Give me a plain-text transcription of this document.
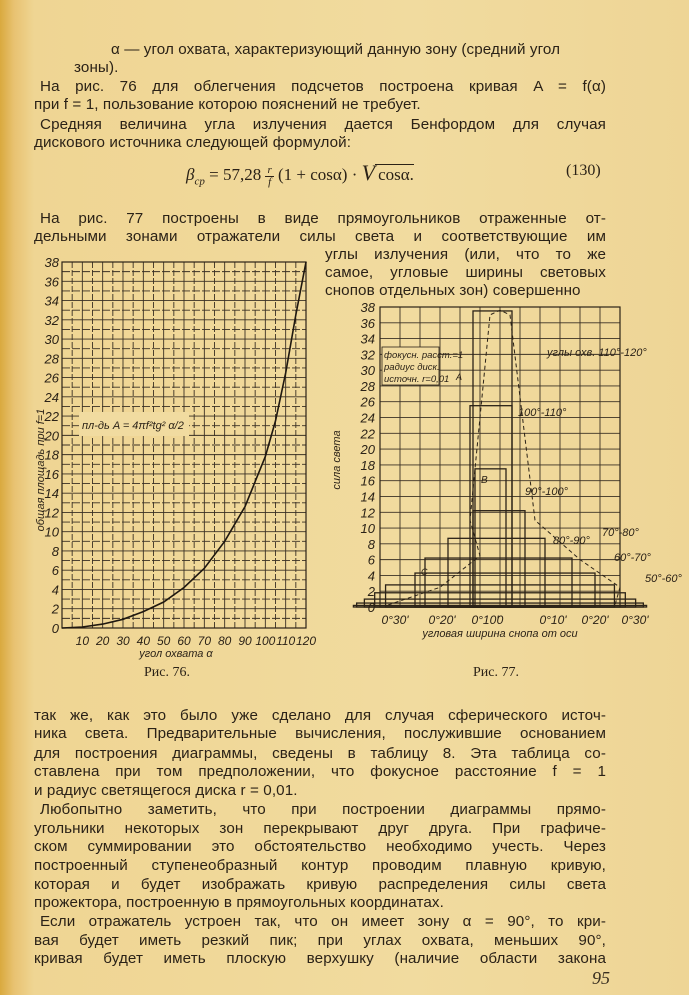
α — угол охвата, характеризующий данную зону (средний угол
зоны).
На рис. 76 для облегчения подсчетов построена кривая A = f(α)
при f = 1, пользование которою пояснений не требует.
Средняя величина угла излучения дается Бенфордом для случая
дискового источника следующей формулой:
$\beta_{ср} = 57,28 \frac{r}{f} (1 + \cos\alpha) \cdot V$ cosα.	(130)
На рис. 77 построены в виде прямоугольников отраженные от-
дельными зонами отражатели силы света и соответствующие им
углы излучения (или, что то же
самое, угловые ширины световых
снопов отдельных зон) совершенно
0
2
4
6
8
10
12
14
16
18
20
22
24
26
28
30
32
34
36
38
10 20 30 40 50 60 70 80 90 100 110 120
угол охвата α
общая площадь при f=1	пл-дь A = 4πf²tg² α/2
Рис. 76.
0
2
4
6
8
10
12
14
16
18
20
22
24
26
28
30
32
34
36
38
0°30' 0°20' 0°10'
0	0°10' 0°20' 0°30'
угловая ширина снопа от оси
сила света
фокусн. расст.=1
радиус диск.
источн. r=0,01 A
B
C
углы охв. 110°-120°
100°-110°
90°-100°
80°-90°
70°-80°
60°-70°
50°-60°
Рис. 77.
так же, как это было уже сделано для случая сферического источ-
ника света. Предварительные вычисления, послужившие основанием
для построения диаграммы, сведены в таблицу 8. Эта таблица со-
ставлена при том предположении, что фокусное расстояние f = 1
и радиус светящегося диска r = 0,01.
Любопытно заметить, что при построении диаграммы прямо-
угольники некоторых зон перекрывают друг друга. При графиче-
ском суммировании это обстоятельство необходимо учесть. Через
построенный ступенеобразный контур проводим плавную кривую,
которая и будет изображать кривую распределения силы света
прожектора, построенную в прямоугольных координатах.
Если отражатель устроен так, что он имеет зону α = 90°, то кри-
вая будет иметь резкий пик; при углах охвата, меньших 90°,
кривая будет иметь плоскую верхушку (наличие области закона
95
